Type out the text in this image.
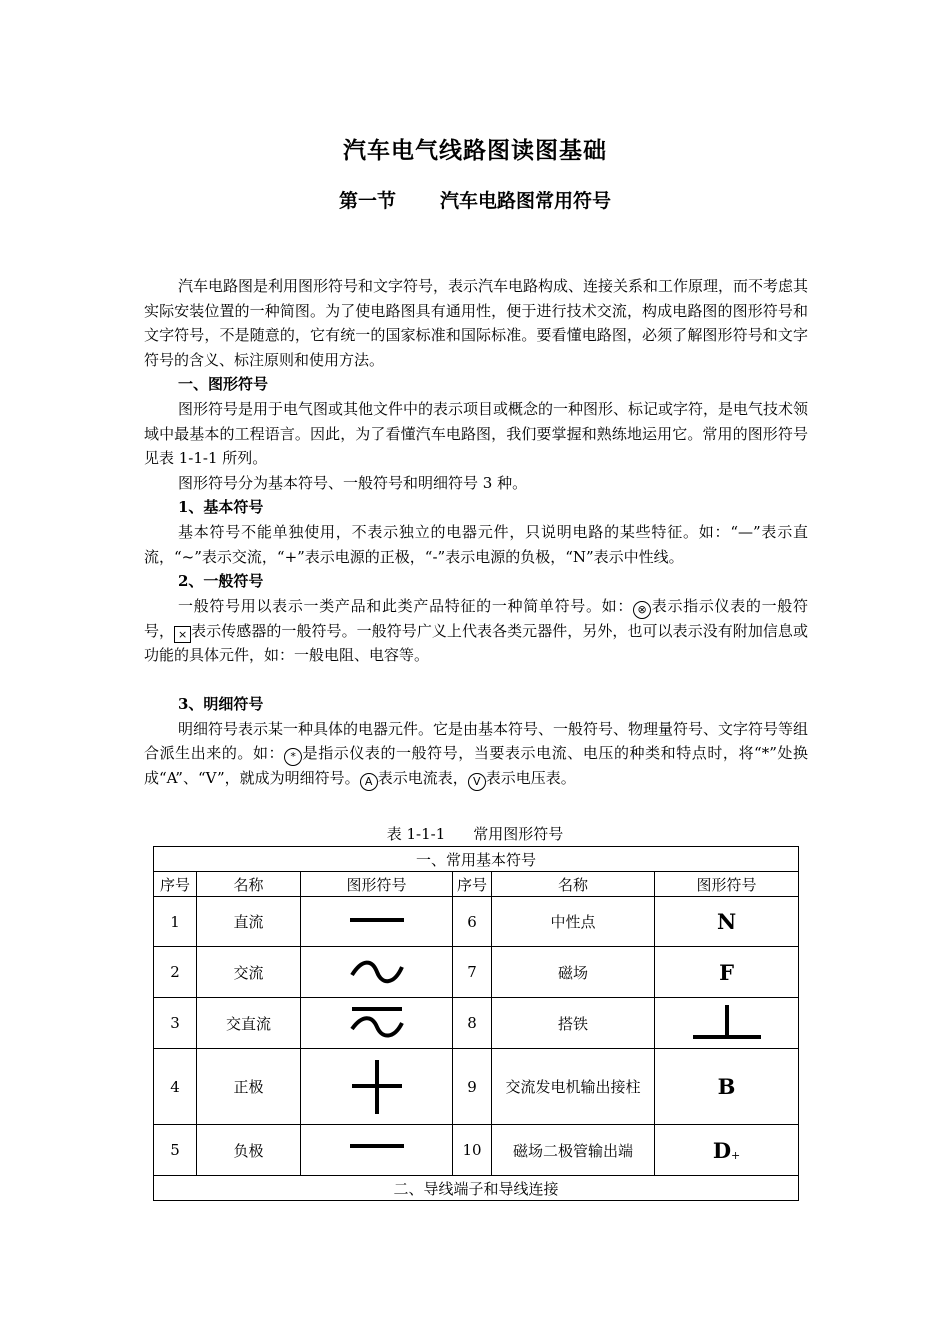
汽车电气线路图读图基础
第一节 汽车电路图常用符号

汽车电路图是利用图形符号和文字符号，表示汽车电路构成、连接关系和工作原理，而不考虑其实际安装位置的一种简图。为了使电路图具有通用性，便于进行技术交流，构成电路图的图形符号和文字符号，不是随意的，它有统一的国家标准和国际标准。要看懂电路图，必须了解图形符号和文字符号的含义、标注原则和使用方法。

一、图形符号

图形符号是用于电气图或其他文件中的表示项目或概念的一种图形、标记或字符，是电气技术领域中最基本的工程语言。因此，为了看懂汽车电路图，我们要掌握和熟练地运用它。常用的图形符号见表 1-1-1 所列。

图形符号分为基本符号、一般符号和明细符号 3 种。

1、基本符号

基本符号不能单独使用，不表示独立的电器元件，只说明电路的某些特征。如：“—”表示直流，“~”表示交流，“+”表示电源的正极，“-”表示电源的负极，“N”表示中性线。

2、一般符号

一般符号用以表示一类产品和此类产品特征的一种简单符号。如： ⊗ 表示指示仪表的一般符号， × 表示传感器的一般符号。一般符号广义上代表各类元器件，另外，也可以表示没有附加信息或功能的具体元件，如：一般电阻、电容等。

3、明细符号

明细符号表示某一种具体的电器元件。它是由基本符号、一般符号、物理量符号、文字符号等组合派生出来的。如： * 是指示仪表的一般符号，当要表示电流、电压的种类和特点时，将“*”处换成“A”、“V”，就成为明细符号。 A 表示电流表， V 表示电压表。

表 1-1-1 常用图形符号
一、常用基本符号					
序号	名称	图形符号	序号	名称	图形符号
1	直流		6	中性点	N
2	交流		7	磁场	F
3	交直流		8	搭铁	

4	正极		9	交流发电机输出接柱	B
5	负极		10	磁场二极管输出端	$D_+$
二、导线端子和导线连接					
